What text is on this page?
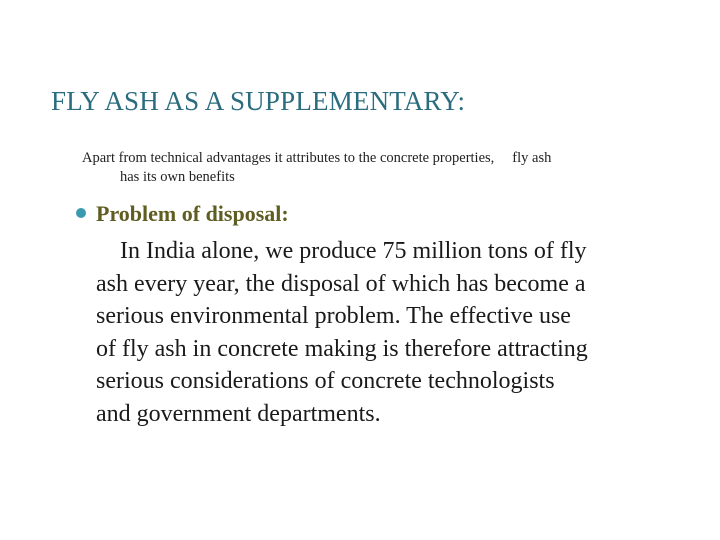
FLY ASH AS A SUPPLEMENTARY:
Apart from technical advantages it attributes to the concrete properties, fly ash
has its own benefits
Problem of disposal:
In India alone, we produce 75 million tons of fly
ash every year, the disposal of which has become a
serious environmental problem. The effective use
of fly ash in concrete making is therefore attracting
serious considerations of concrete technologists
and government departments.
